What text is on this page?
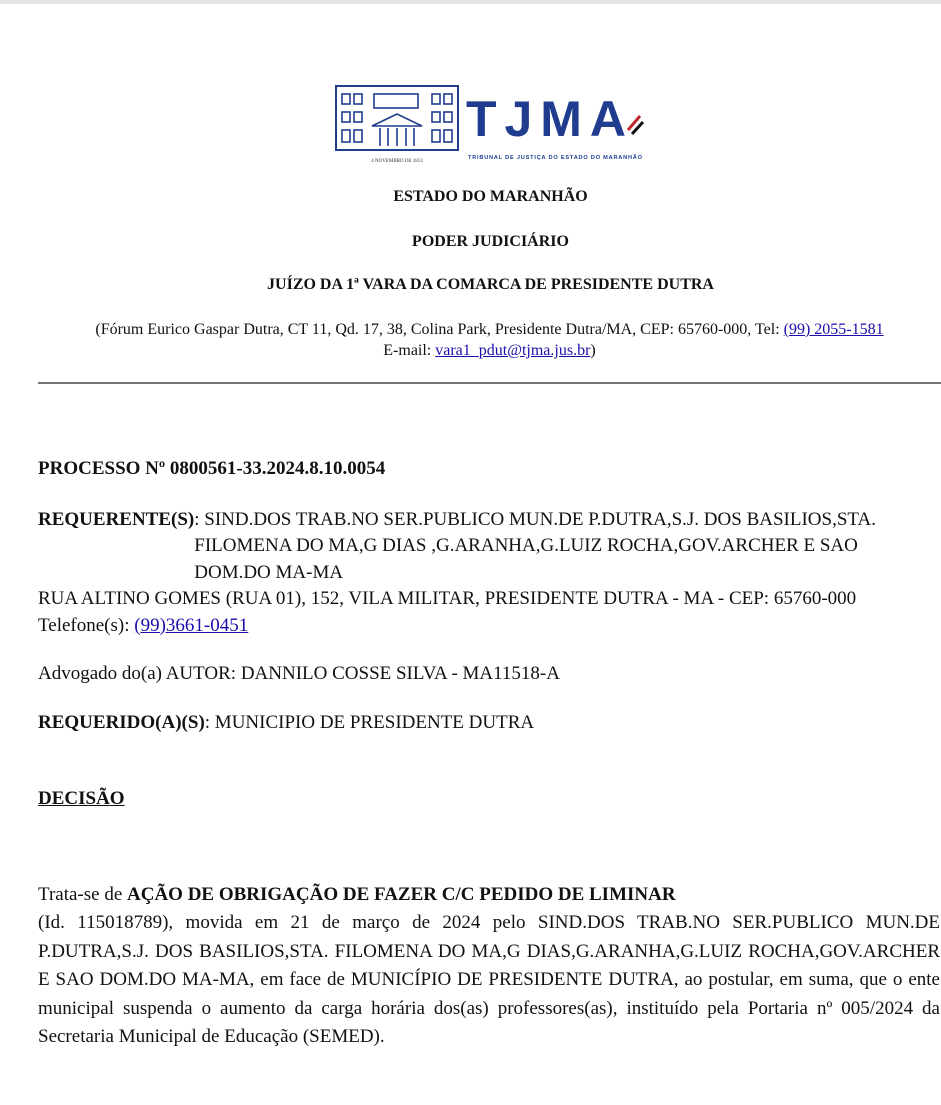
4 NOVEMBRO DE 1813
TJMA
TRIBUNAL DE JUSTIÇA DO ESTADO DO MARANHÃO
ESTADO DO MARANHÃO
PODER JUDICIÁRIO
JUÍZO DA 1ª VARA DA COMARCA DE PRESIDENTE DUTRA
(Fórum Eurico Gaspar Dutra, CT 11, Qd. 17, 38, Colina Park, Presidente Dutra/MA, CEP: 65760-000, Tel: (99) 2055-1581
E-mail: vara1_pdut@tjma.jus.br)
PROCESSO Nº 0800561-33.2024.8.10.0054
REQUERENTE(S) : SIND.DOS TRAB.NO SER.PUBLICO MUN.DE P.DUTRA,S.J. DOS BASILIOS,STA. FILOMENA DO MA,G DIAS ,G.ARANHA,G.LUIZ ROCHA,GOV.ARCHER E SAO DOM.DO MA-MA
RUA ALTINO GOMES (RUA 01), 152, VILA MILITAR, PRESIDENTE DUTRA - MA - CEP: 65760-000
Telefone(s): (99)3661-0451
Advogado do(a) AUTOR: DANNILO COSSE SILVA - MA11518-A
REQUERIDO(A)(S): MUNICIPIO DE PRESIDENTE DUTRA
DECISÃO
Trata-se de AÇÃO DE OBRIGAÇÃO DE FAZER C/C PEDIDO DE LIMINAR
(Id. 115018789), movida em 21 de março de 2024 pelo SIND.DOS TRAB.NO SER.PUBLICO MUN.DE P.DUTRA,S.J. DOS BASILIOS,STA. FILOMENA DO MA,G DIAS,G.ARANHA,G.LUIZ ROCHA,GOV.ARCHER E SAO DOM.DO MA-MA, em face de MUNICÍPIO DE PRESIDENTE DUTRA, ao postular, em suma, que o ente municipal suspenda o aumento da carga horária dos(as) professores(as), instituído pela Portaria nº 005/2024 da Secretaria Municipal de Educação (SEMED).
